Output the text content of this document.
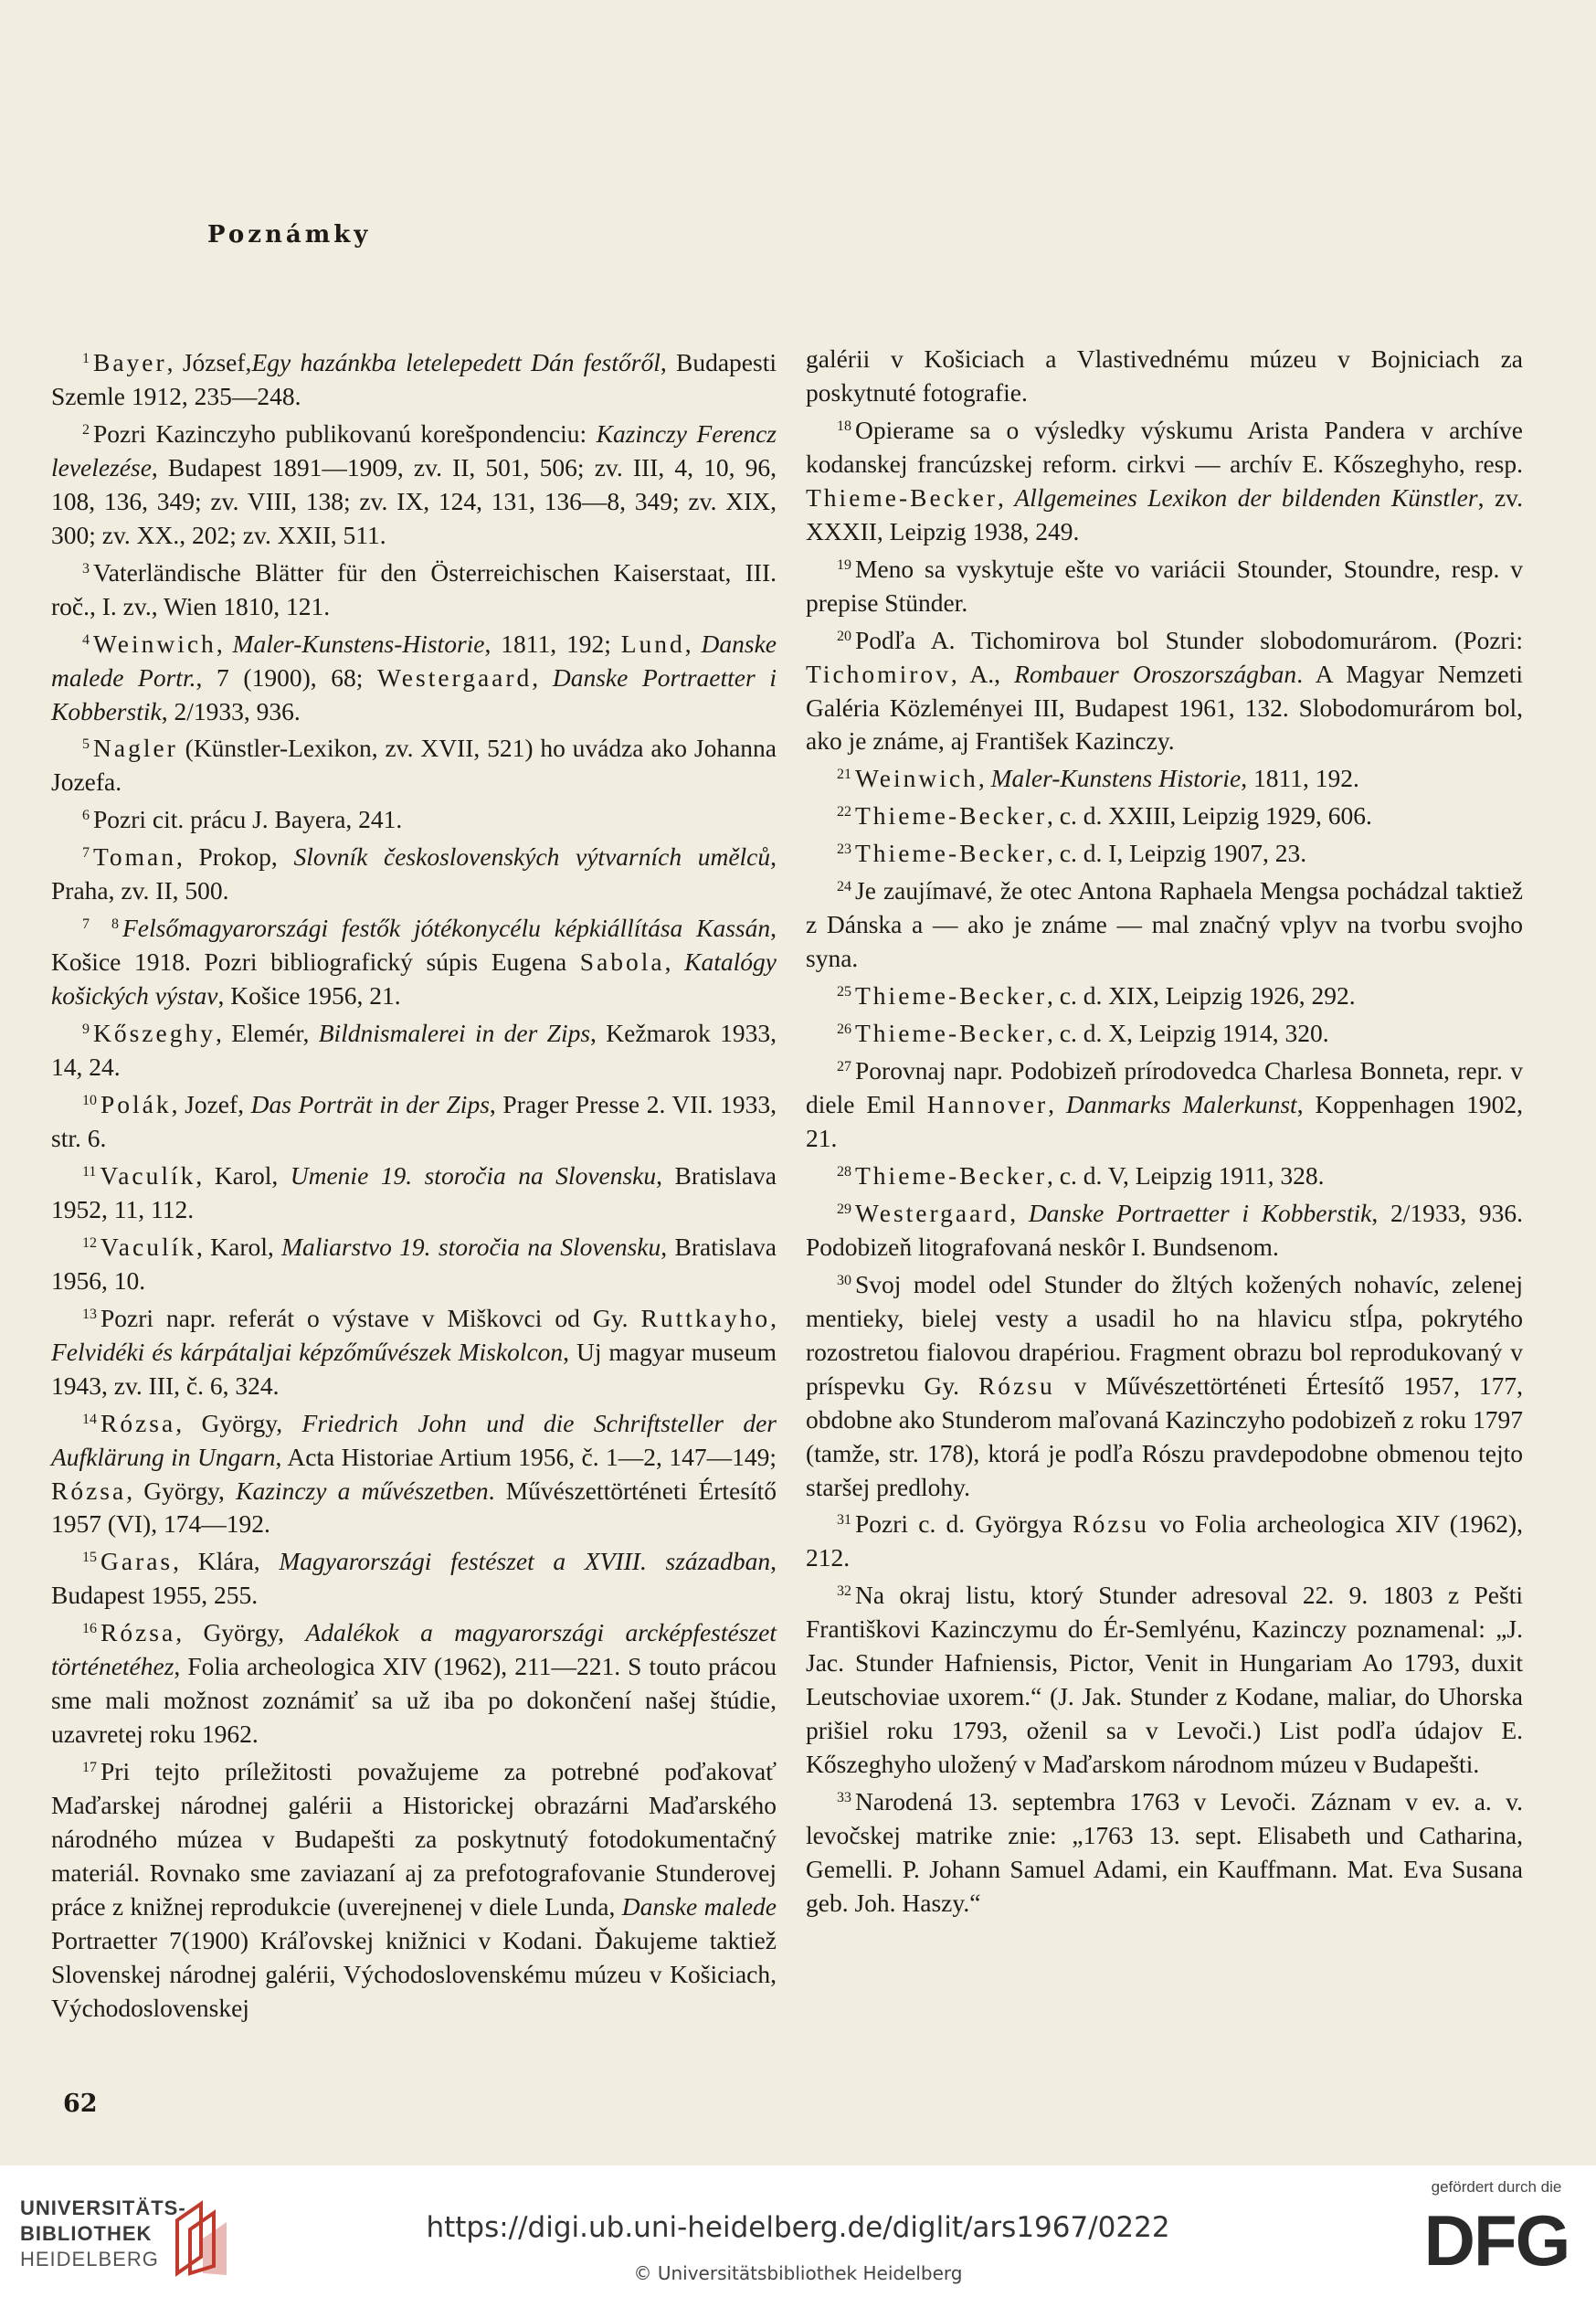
Poznámky

$^1$ Bayer, József,Egy hazánkba letelepedett Dán festőről, Budapesti Szemle 1912, 235—248.

$^2$ Pozri Kazinczyho publikovanú korešpondenciu: Kazinczy Ferencz levelezése, Budapest 1891—1909, zv. II, 501, 506; zv. III, 4, 10, 96, 108, 136, 349; zv. VIII, 138; zv. IX, 124, 131, 136—8, 349; zv. XIX, 300; zv. XX., 202; zv. XXII, 511.

$^3$ Vaterländische Blätter für den Österreichischen Kaiserstaat, III. roč., I. zv., Wien 1810, 121.

$^4$ Weinwich, Maler-Kunstens-Historie, 1811, 192; Lund, Danske malede Portr., 7 (1900), 68; Westergaard, Danske Portraetter i Kobberstik, 2/1933, 936.

$^5$ Nagler (Künstler-Lexikon, zv. XVII, 521) ho uvádza ako Johanna Jozefa.

$^6$ Pozri cit. prácu J. Bayera, 241.

$^7$ Toman, Prokop, Slovník československých výtvarních umělců, Praha, zv. II, 500.

$^7$ $^8$ Felsőmagyarországi festők jótékonycélu képkiállítása Kassán, Košice 1918. Pozri bibliografický súpis Eugena Sabola, Katalógy košických výstav, Košice 1956, 21.

$^9$ Kőszeghy, Elemér, Bildnismalerei in der Zips, Kežmarok 1933, 14, 24.

$^{10}$ Polák, Jozef, Das Porträt in der Zips, Prager Presse 2. VII. 1933, str. 6.

$^{11}$ Vaculík, Karol, Umenie 19. storočia na Slovensku, Bratislava 1952, 11, 112.

$^{12}$ Vaculík, Karol, Maliarstvo 19. storočia na Slovensku, Bratislava 1956, 10.

$^{13}$ Pozri napr. referát o výstave v Miškovci od Gy. Ruttkayho, Felvidéki és kárpátaljai képzőművészek Miskolcon, Uj magyar museum 1943, zv. III, č. 6, 324.

$^{14}$ Rózsa, György, Friedrich John und die Schriftsteller der Aufklärung in Ungarn, Acta Historiae Artium 1956, č. 1—2, 147—149; Rózsa, György, Kazinczy a művészetben. Művészettörténeti Értesítő 1957 (VI), 174—192.

$^{15}$ Garas, Klára, Magyarországi festészet a XVIII. században, Budapest 1955, 255.

$^{16}$ Rózsa, György, Adalékok a magyarországi arcképfestészet történetéhez, Folia archeologica XIV (1962), 211—221. S touto prácou sme mali možnost zoznámiť sa už iba po dokončení našej štúdie, uzavretej roku 1962.

$^{17}$ Pri tejto príležitosti považujeme za potrebné poďakovať Maďarskej národnej galérii a Historickej obrazárni Maďarského národného múzea v Budapešti za poskytnutý fotodokumentačný materiál. Rovnako sme zaviazaní aj za prefotografovanie Stunderovej práce z knižnej reprodukcie (uverejnenej v diele Lunda, Danske malede Portraetter 7(1900) Kráľovskej knižnici v Kodani. Ďakujeme taktiež Slovenskej národnej galérii, Východoslovenskému múzeu v Košiciach, Východoslovenskej

galérii v Košiciach a Vlastivednému múzeu v Bojniciach za poskytnuté fotografie.

$^{18}$ Opierame sa o výsledky výskumu Arista Pandera v archíve kodanskej francúzskej reform. cirkvi — archív E. Kőszeghyho, resp. Thieme-Becker, Allgemeines Lexikon der bildenden Künstler, zv. XXXII, Leipzig 1938, 249.

$^{19}$ Meno sa vyskytuje ešte vo variácii Stounder, Stoundre, resp. v prepise Stünder.

$^{20}$ Podľa A. Tichomirova bol Stunder slobodomurárom. (Pozri: Tichomirov, A., Rombauer Oroszországban. A Magyar Nemzeti Galéria Közleményei III, Budapest 1961, 132. Slobodomurárom bol, ako je známe, aj František Kazinczy.

$^{21}$ Weinwich, Maler-Kunstens Historie, 1811, 192.

$^{22}$ Thieme-Becker, c. d. XXIII, Leipzig 1929, 606.

$^{23}$ Thieme-Becker, c. d. I, Leipzig 1907, 23.

$^{24}$ Je zaujímavé, že otec Antona Raphaela Mengsa pochádzal taktiež z Dánska a — ako je známe — mal značný vplyv na tvorbu svojho syna.

$^{25}$ Thieme-Becker, c. d. XIX, Leipzig 1926, 292.

$^{26}$ Thieme-Becker, c. d. X, Leipzig 1914, 320.

$^{27}$ Porovnaj napr. Podobizeň prírodovedca Charlesa Bonneta, repr. v diele Emil Hannover, Danmarks Malerkunst, Koppenhagen 1902, 21.

$^{28}$ Thieme-Becker, c. d. V, Leipzig 1911, 328.

$^{29}$ Westergaard, Danske Portraetter i Kobberstik, 2/1933, 936. Podobizeň litografovaná neskôr I. Bundsenom.

$^{30}$ Svoj model odel Stunder do žltých kožených nohavíc, zelenej mentieky, bielej vesty a usadil ho na hlavicu stĺpa, pokrytého rozostretou fialovou drapériou. Fragment obrazu bol reprodukovaný v príspevku Gy. Rózsu v Művészettörténeti Értesítő 1957, 177, obdobne ako Stunderom maľovaná Kazinczyho podobizeň z roku 1797 (tamže, str. 178), ktorá je podľa Rószu pravdepodobne obmenou tejto staršej predlohy.

$^{31}$ Pozri c. d. Györgya Rózsu vo Folia archeologica XIV (1962), 212.

$^{32}$ Na okraj listu, ktorý Stunder adresoval 22. 9. 1803 z Pešti Františkovi Kazinczymu do Ér-Semlyénu, Kazinczy poznamenal: „J. Jac. Stunder Hafniensis, Pictor, Venit in Hungariam Ao 1793, duxit Leutschoviae uxorem.“ (J. Jak. Stunder z Kodane, maliar, do Uhorska prišiel roku 1793, oženil sa v Levoči.) List podľa údajov E. Kőszeghyho uložený v Maďarskom národnom múzeu v Budapešti.

$^{33}$ Narodená 13. septembra 1763 v Levoči. Záznam v ev. a. v. levočskej matrike znie: „1763 13. sept. Elisabeth und Catharina, Gemelli. P. Johann Samuel Adami, ein Kauffmann. Mat. Eva Susana geb. Joh. Haszy.“

62
UNIVERSITÄTS-
BIBLIOTHEK
HEIDELBERG
https://digi.ub.uni-heidelberg.de/diglit/ars1967/0222
© Universitätsbibliothek Heidelberg
gefördert durch die
DFG
